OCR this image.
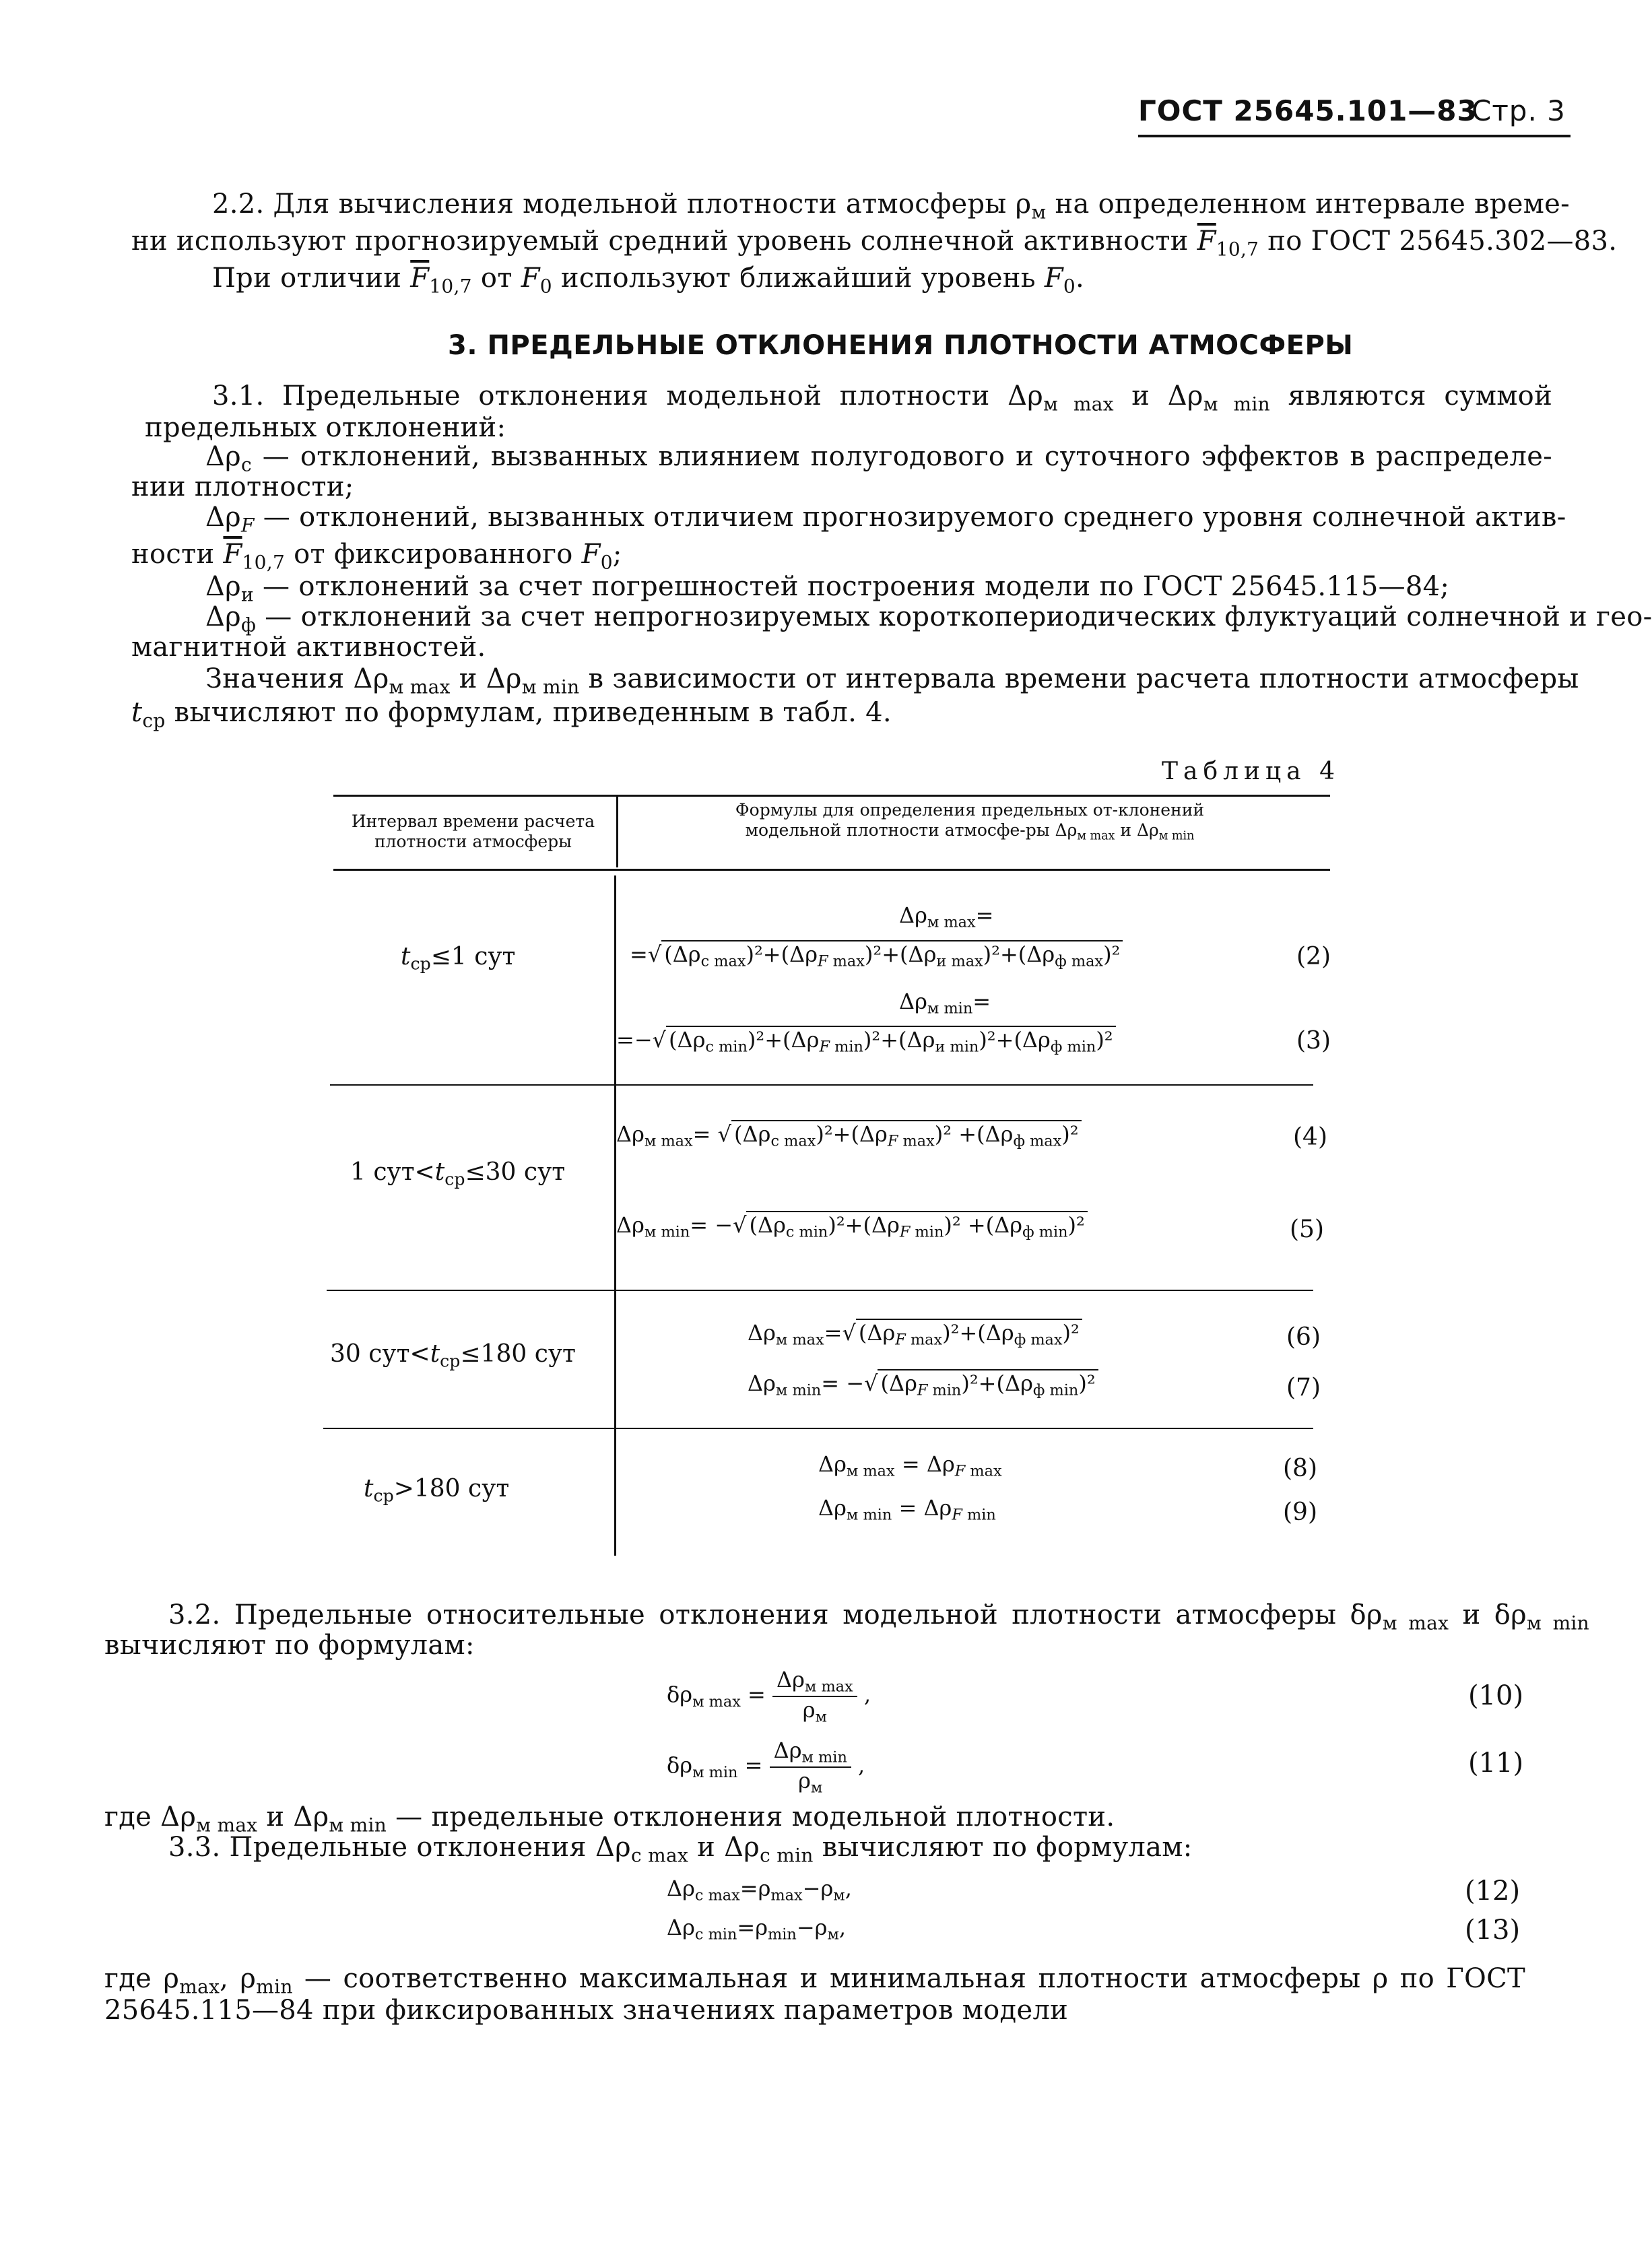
ГОСТ 25645.101—83
Стр. 3
2.2. Для вычисления модельной плотности атмосферы $\rho_м$ на определенном интервале време-
ни используют прогнозируемый средний уровень солнечной активности $\overline{F}_{10,7}$ по ГОСТ 25645.302—83.
При отличии $\overline{F}_{10,7}$ от $F_0$ используют ближайший уровень $F_0$.
3. ПРЕДЕЛЬНЫЕ ОТКЛОНЕНИЯ ПЛОТНОСТИ АТМОСФЕРЫ
3.1. Предельные отклонения модельной плотности $\Delta\rho_{м max}$ и $\Delta\rho_{м min}$ являются суммой
предельных отклонений:
$\Delta\rho_с$ — отклонений, вызванных влиянием полугодового и суточного эффектов в распределе-
нии плотности;
$\Delta\rho_F$ — отклонений, вызванных отличием прогнозируемого среднего уровня солнечной актив-
ности $\overline{F}_{10,7}$ от фиксированного $F_0$;
$\Delta\rho_и$ — отклонений за счет погрешностей построения модели по ГОСТ 25645.115—84;
$\Delta\rho_ф$ — отклонений за счет непрогнозируемых короткопериодических флуктуаций солнечной и гео-
магнитной активностей.
Значения $\Delta\rho_{м max}$ и $\Delta\rho_{м min}$ в зависимости от интервала времени расчета плотности атмосферы
$t_{ср}$ вычисляют по формулам, приведенным в табл. 4.
Таблица 4
Интервал времени расчета плотности атмосферы
Формулы для определения предельных от-клонений модельной плотности атмосфе-ры $\Delta\rho_{м max}$ и $\Delta\rho_{м min}$
$t_{ср}\le 1$ сут
$\Delta\rho_{м max}=$
=√ $(\Delta\rho_{с max})^2+(\Delta\rho_{F max})^2+(\Delta\rho_{и max})^2+(\Delta\rho_{ф max})^2$	(2)
$\Delta\rho_{м min}=$
=−√ $(\Delta\rho_{с min})^2+(\Delta\rho_{F min})^2+(\Delta\rho_{и min})^2+(\Delta\rho_{ф min})^2$	(3)
1 $сут<t_{ср}\le 30$ сут
$\Delta\rho_{м max}=$ √ $(\Delta\rho_{с max})^2+(\Delta\rho_{F max})^2 +(\Delta\rho_{ф max})^2$	(4)
$\Delta\rho_{м min}=$ −√ $(\Delta\rho_{с min})^2+(\Delta\rho_{F min})^2 +(\Delta\rho_{ф min})^2$	(5)
30 $сут<t_{ср}\le 180$ сут
$\Delta\rho_{м max}=√$ $(\Delta\rho_{F max})^2+(\Delta\rho_{ф max})^2$	(6)
$\Delta\rho_{м min}=$ −√ $(\Delta\rho_{F min})^2+(\Delta\rho_{ф min})^2$	(7)
$t_{ср}>180$ сут
$\Delta\rho_{м max} = \Delta\rho_{F max}$	(8)
$\Delta\rho_{м min} = \Delta\rho_{F min}$	(9)
3.2. Предельные относительные отклонения модельной плотности атмосферы $\delta\rho_{м max}$ и $\delta\rho_{м min}$
вычисляют по формулам:
$\delta\rho_{м max}$ =
$\Delta\rho_{м max}$
$\rho_м$
,	(10)
$\delta\rho_{м min}$ =
$\Delta\rho_{м min}$
$\rho_м$
,	(11)
где $\Delta\rho_{м max}$ и $\Delta\rho_{м min}$ — предельные отклонения модельной плотности.
3.3. Предельные отклонения $\Delta\rho_{с max}$ и $\Delta\rho_{с min}$ вычисляют по формулам:
$\Delta\rho_{с max}=\rho_{max}-\rho_м$,	(12)
$\Delta\rho_{с min}=\rho_{min}-\rho_м$,	(13)
где $\rho_{max}$, $\rho_{min}$ — соответственно максимальная и минимальная плотности атмосферы ρ по ГОСТ
25645.115—84 при фиксированных значениях параметров модели
